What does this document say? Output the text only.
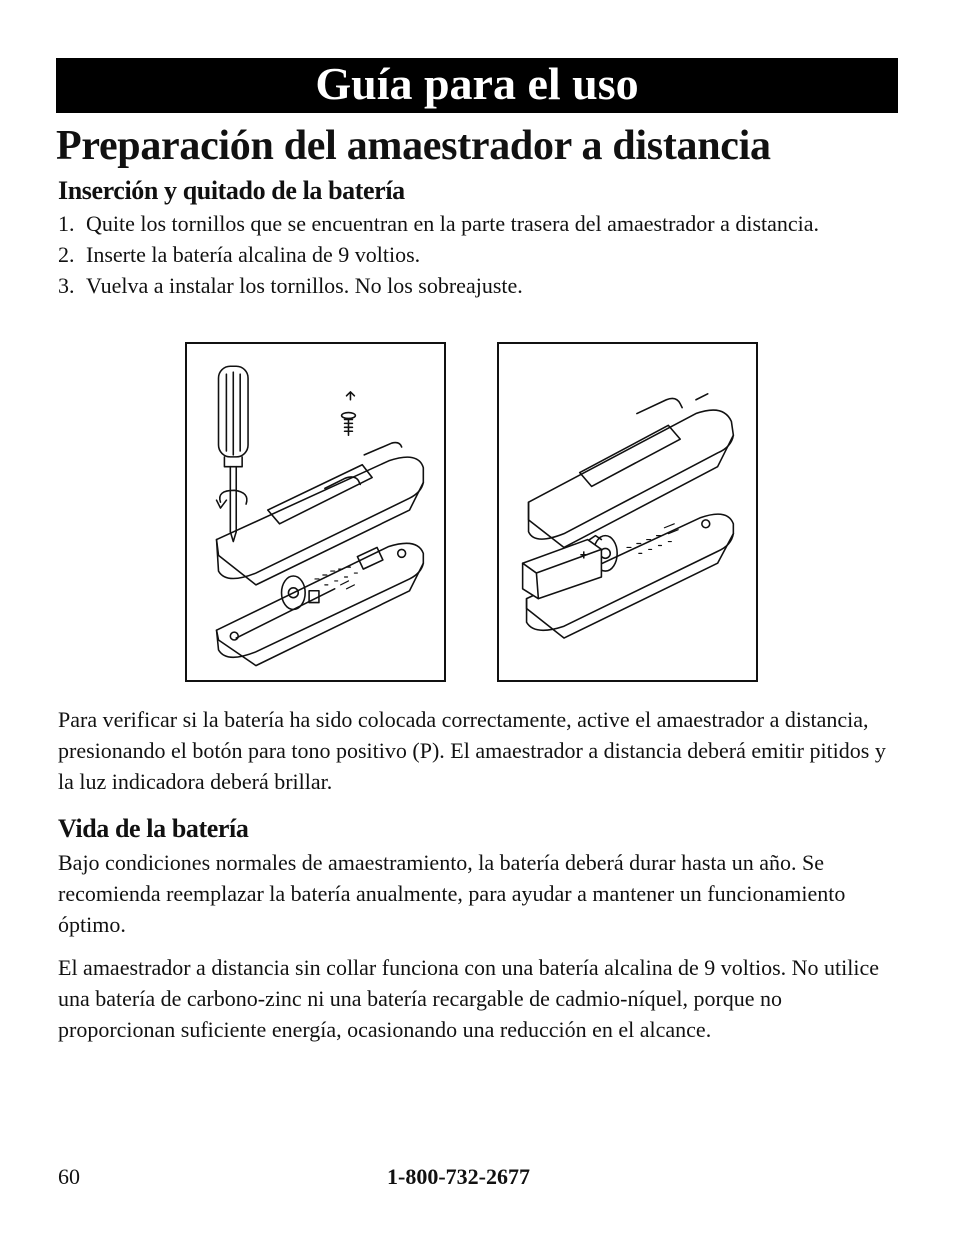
Guía para el uso
Preparación del amaestrador a distancia
Inserción y quitado de la batería
1. Quite los tornillos que se encuentran en la parte trasera del amaestrador a distancia.
2. Inserte la batería alcalina de 9 voltios.
3. Vuelva a instalar los tornillos. No los sobreajuste.
-
+

Para verificar si la batería ha sido colocada correctamente, active el amaestrador a distancia, presionando el botón para tono positivo (P). El amaestrador a distancia deberá emitir pitidos y la luz indicadora deberá brillar.

Vida de la batería

Bajo condiciones normales de amaestramiento, la batería deberá durar hasta un año. Se recomienda reemplazar la batería anualmente, para ayudar a mantener un funcionamiento óptimo.

El amaestrador a distancia sin collar funciona con una batería alcalina de 9 voltios. No utilice una batería de carbono-zinc ni una batería recargable de cadmio-níquel, porque no proporcionan suficiente energía, ocasionando una reducción en el alcance.

60	1-800-732-2677
